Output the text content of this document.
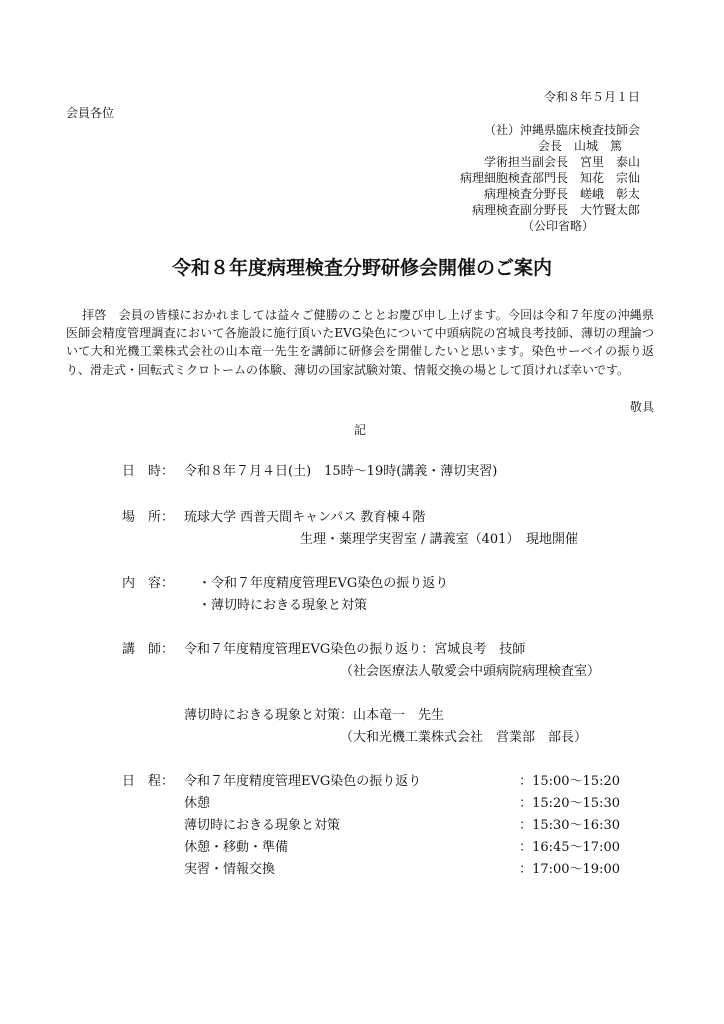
令和８年５月１日
会員各位
（社）沖縄県臨床検査技師会
会長　山城　篤
学術担当副会長　宮里　泰山
病理細胞検査部門長　知花　宗仙
病理検査分野長　嵯峨　彰太
病理検査副分野長　大竹賢太郎
（公印省略）
令和８年度病理検査分野研修会開催のご案内
拝啓　会員の皆様におかれましては益々ご健勝のこととお慶び申し上げます。今回は令和７年度の沖縄県医師会精度管理調査において各施設に施行頂いたEVG染色について中頭病院の宮城良考技師、薄切の理論ついて大和光機工業株式会社の山本竜一先生を講師に研修会を開催したいと思います。染色サーベイの振り返り、滑走式・回転式ミクロトームの体験、薄切の国家試験対策、情報交換の場として頂ければ幸いです。
敬具
記
日　時： 令和８年７月４日(土)　15時～19時(講義・薄切実習)
場　所： 琉球大学 西普天間キャンパス 教育棟４階
生理・薬理学実習室 / 講義室（401）　現地開催
内　容： ・令和７年度精度管理EVG染色の振り返り
・薄切時におきる現象と対策
講　師： 令和７年度精度管理EVG染色の振り返り：宮城良考　技師
（社会医療法人敬愛会中頭病院病理検査室）
薄切時におきる現象と対策：山本竜一　先生
（大和光機工業株式会社　営業部　部長）
日　程： 令和７年度精度管理EVG染色の振り返り	：15:00～15:20
休憩	：15:20～15:30
薄切時におきる現象と対策	：15:30～16:30
休憩・移動・準備	：16:45～17:00
実習・情報交換	：17:00～19:00
